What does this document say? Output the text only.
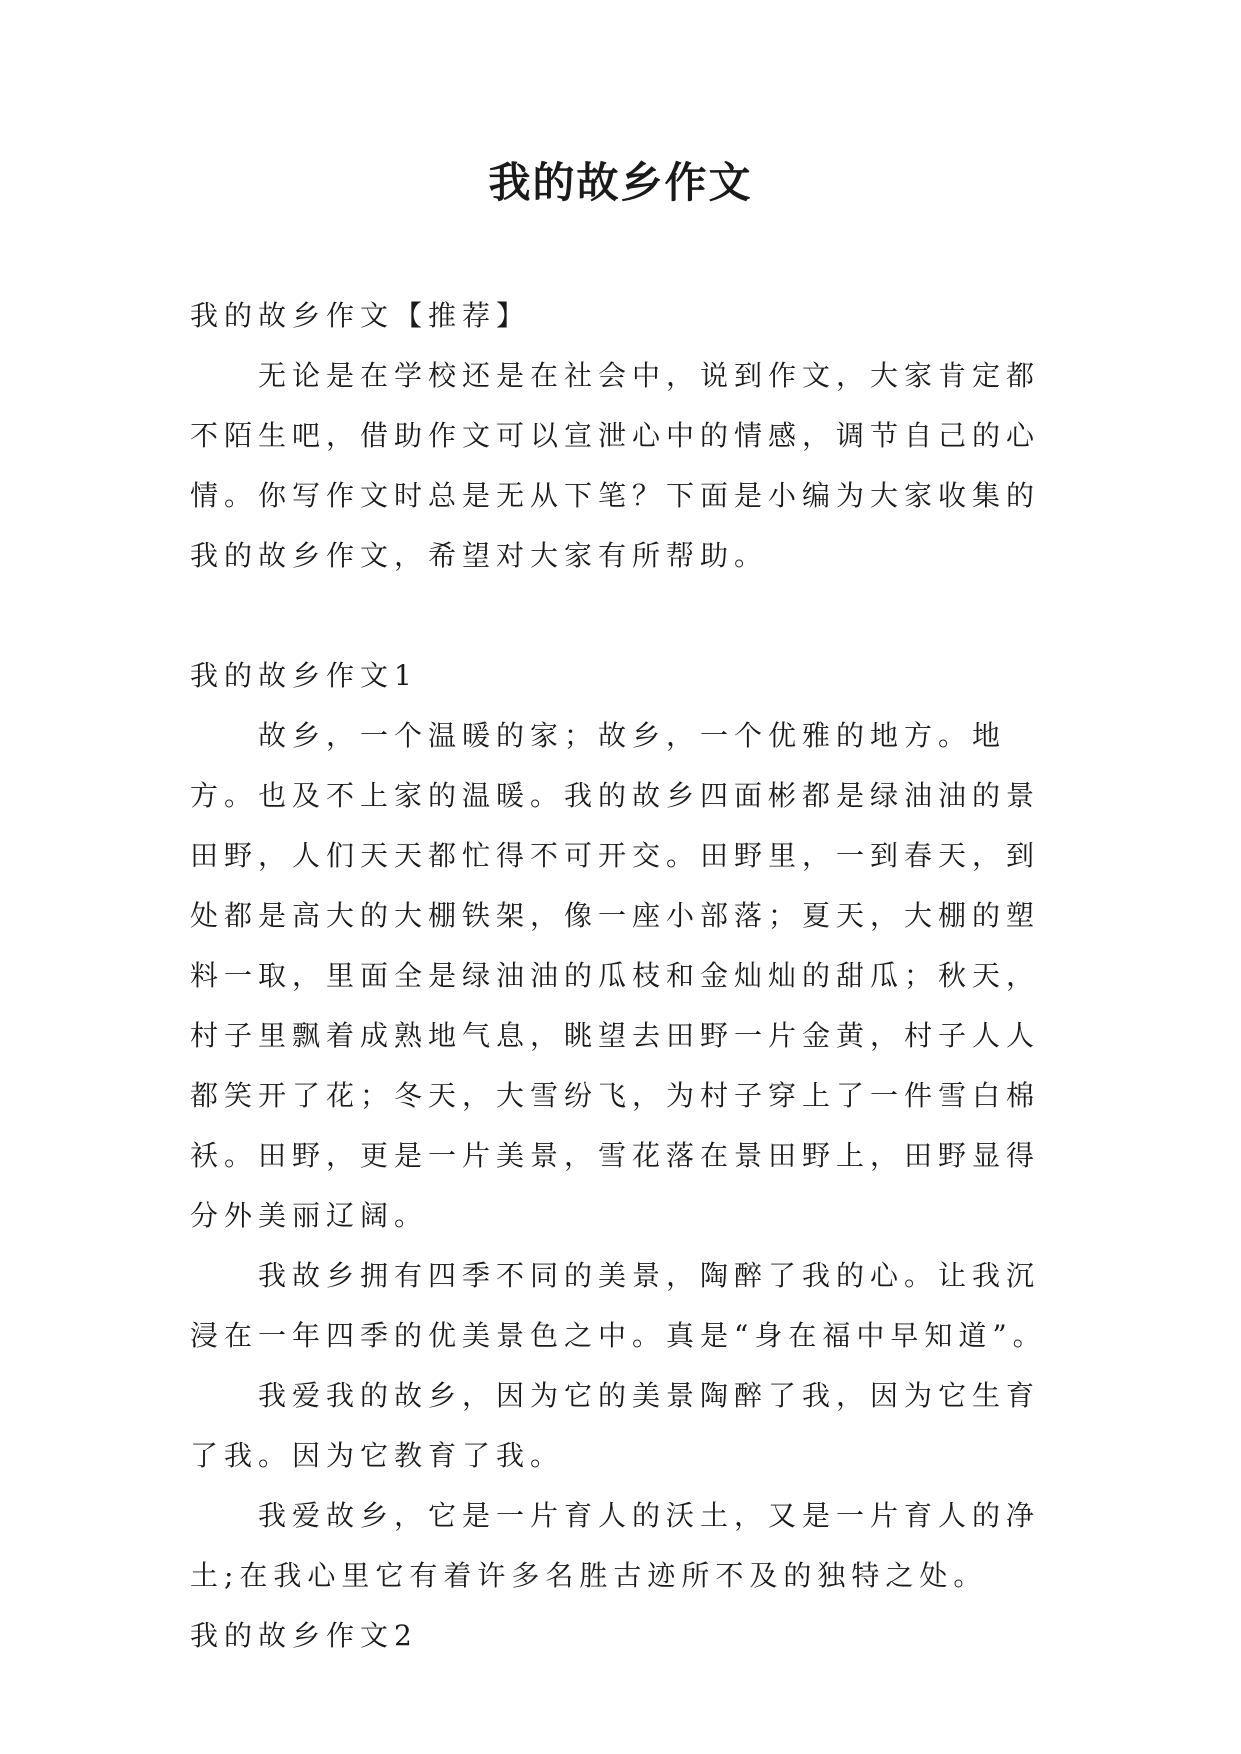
我的故乡作文

我的故乡作文【推荐】

无论是在学校还是在社会中，说到作文，大家肯定都不陌生吧，借助作文可以宣泄心中的情感，调节自己的心情。你写作文时总是无从下笔？下面是小编为大家收集的我的故乡作文，希望对大家有所帮助。

我的故乡作文1

故乡，一个温暖的家；故乡，一个优雅的地方。地方。也及不上家的温暖。我的故乡四面彬都是绿油油的景田野，人们天天都忙得不可开交。田野里，一到春天，到处都是高大的大棚铁架，像一座小部落；夏天，大棚的塑料一取，里面全是绿油油的瓜枝和金灿灿的甜瓜；秋天，村子里飘着成熟地气息，眺望去田野一片金黄，村子人人都笑开了花；冬天，大雪纷飞，为村子穿上了一件雪白棉袄。田野，更是一片美景，雪花落在景田野上，田野显得分外美丽辽阔。

我故乡拥有四季不同的美景，陶醉了我的心。让我沉浸在一年四季的优美景色之中。真是“身在福中早知道”。

我爱我的故乡，因为它的美景陶醉了我，因为它生育了我。因为它教育了我。

我爱故乡，它是一片育人的沃土，又是一片育人的净土;在我心里它有着许多名胜古迹所不及的独特之处。

我的故乡作文2
